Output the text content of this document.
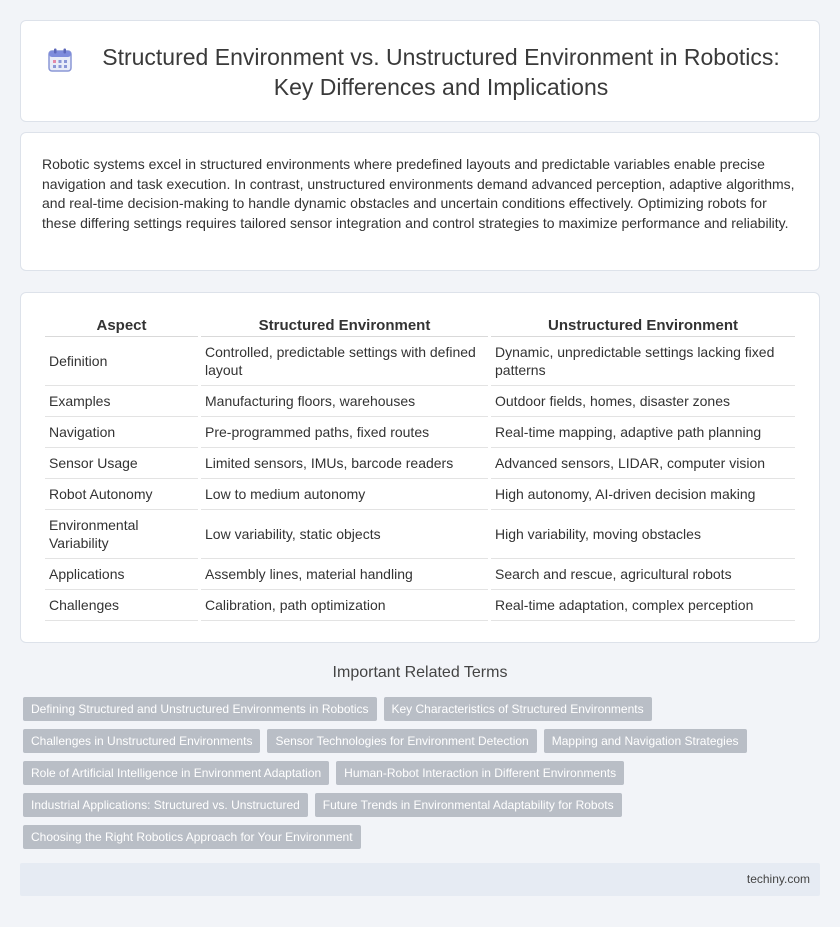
Structured Environment vs. Unstructured Environment in Robotics: Key Differences and Implications

Robotic systems excel in structured environments where predefined layouts and predictable variables enable precise navigation and task execution. In contrast, unstructured environments demand advanced perception, adaptive algorithms, and real-time decision-making to handle dynamic obstacles and uncertain conditions effectively. Optimizing robots for these differing settings requires tailored sensor integration and control strategies to maximize performance and reliability.

Aspect	Structured Environment	Unstructured Environment
Definition	Controlled, predictable settings with defined layout	Dynamic, unpredictable settings lacking fixed patterns
Examples	Manufacturing floors, warehouses	Outdoor fields, homes, disaster zones
Navigation	Pre-programmed paths, fixed routes	Real-time mapping, adaptive path planning
Sensor Usage	Limited sensors, IMUs, barcode readers	Advanced sensors, LIDAR, computer vision
Robot Autonomy	Low to medium autonomy	High autonomy, AI-driven decision making
Environmental Variability	Low variability, static objects	High variability, moving obstacles
Applications	Assembly lines, material handling	Search and rescue, agricultural robots
Challenges	Calibration, path optimization	Real-time adaptation, complex perception
Important Related Terms
Defining Structured and Unstructured Environments in Robotics	Key Characteristics of Structured Environments
Challenges in Unstructured Environments	Sensor Technologies for Environment Detection	Mapping and Navigation Strategies
Role of Artificial Intelligence in Environment Adaptation	Human-Robot Interaction in Different Environments
Industrial Applications: Structured vs. Unstructured	Future Trends in Environmental Adaptability for Robots
Choosing the Right Robotics Approach for Your Environment
techiny.com
